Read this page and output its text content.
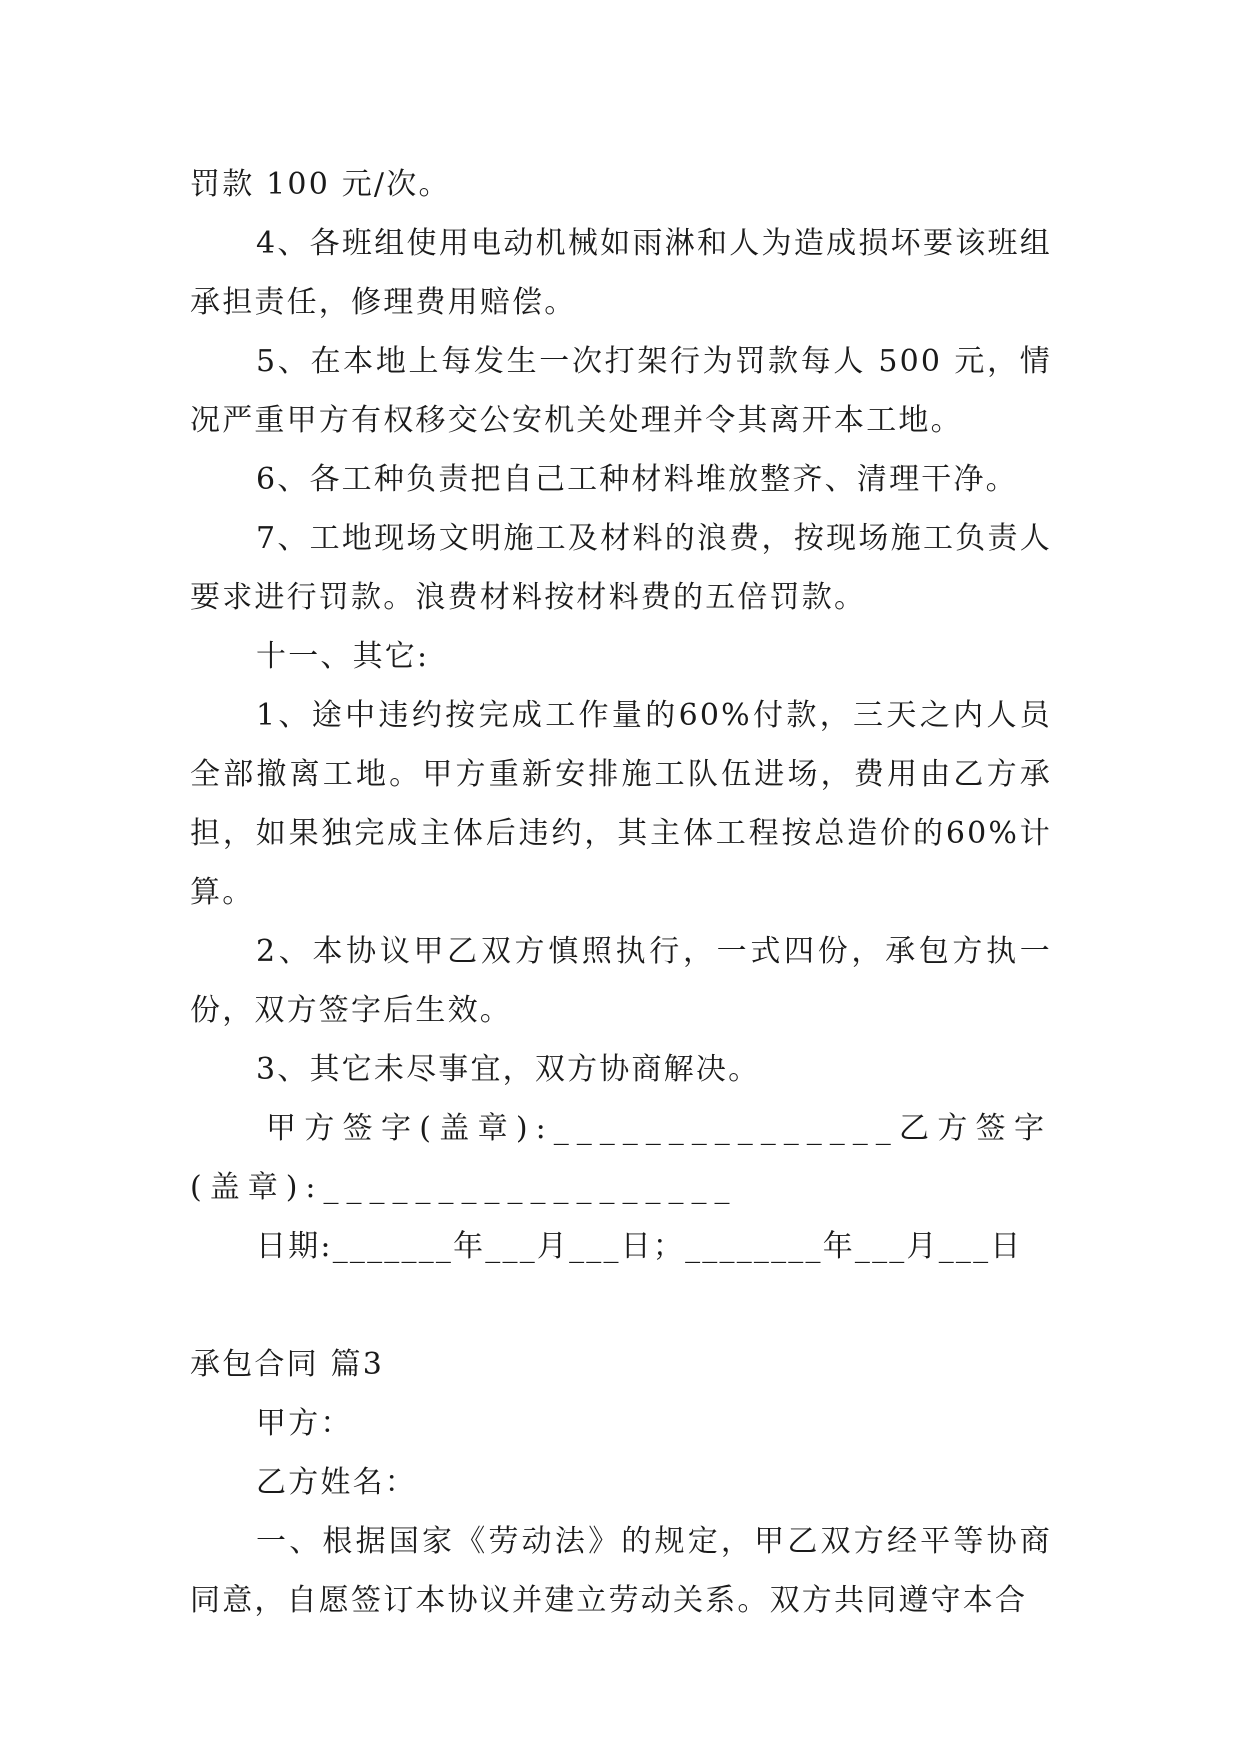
罚款 100 元/次。

4、各班组使用电动机械如雨淋和人为造成损坏要该班组承担责任，修理费用赔偿。

5、在本地上每发生一次打架行为罚款每人 500 元，情况严重甲方有权移交公安机关处理并令其离开本工地。

6、各工种负责把自己工种材料堆放整齐、清理干净。

7、工地现场文明施工及材料的浪费，按现场施工负责人要求进行罚款。浪费材料按材料费的五倍罚款。

十一、其它:

1、途中违约按完成工作量的60%付款，三天之内人员全部撤离工地。甲方重新安排施工队伍进场，费用由乙方承担，如果独完成主体后违约，其主体工程按总造价的60%计算。

2、本协议甲乙双方慎照执行，一式四份，承包方执一份，双方签字后生效。

3、其它未尽事宜，双方协商解决。

甲方签字(盖章):_______________乙方签字(盖章):__________________

日期:_______年___月___日；________年___月___日

承包合同 篇3

甲方：

乙方姓名：

一、根据国家《劳动法》的规定，甲乙双方经平等协商同意，自愿签订本协议并建立劳动关系。双方共同遵守本合
